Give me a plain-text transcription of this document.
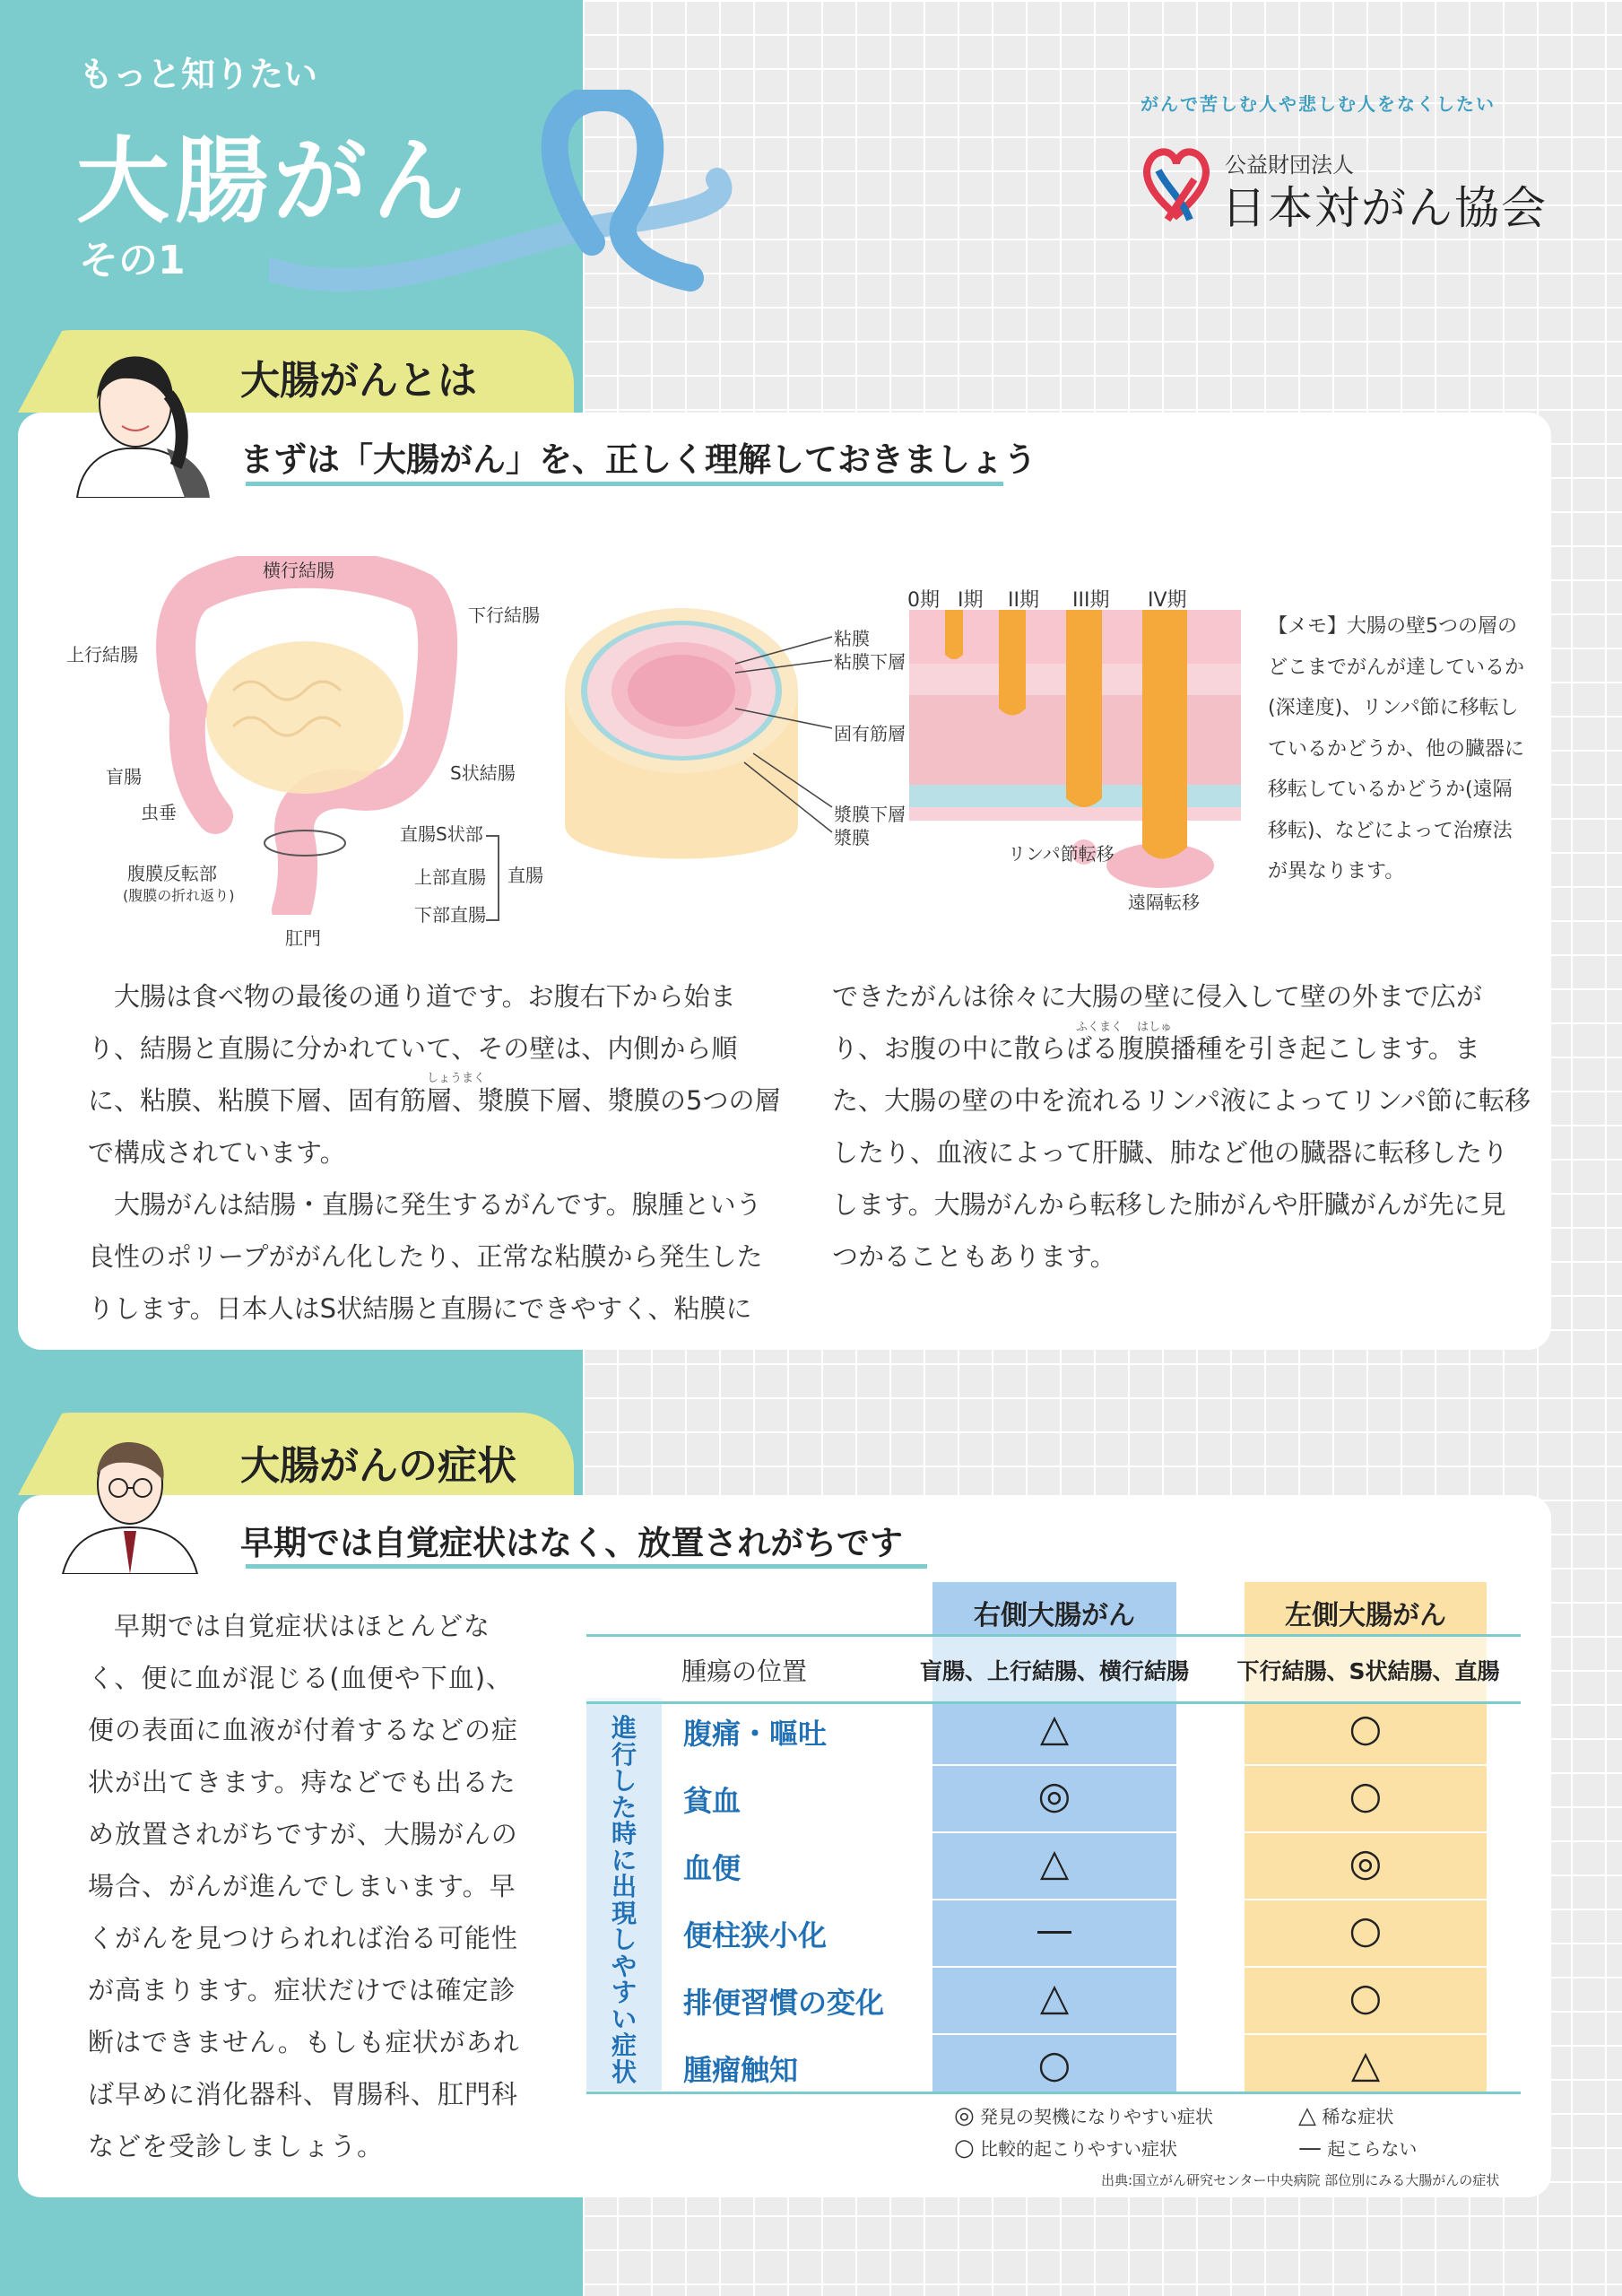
もっと知りたい
大腸がん
その1
がんで苦しむ人や悲しむ人をなくしたい
公益財団法人
日本対がん協会
大腸がんとは
まずは「大腸がん」を、正しく理解しておきましょう
横行結腸
下行結腸
上行結腸
盲腸
虫垂
S状結腸
直腸S状部
腹膜反転部
(腹膜の折れ返り)
上部直腸 直腸
下部直腸
肛門
粘膜
粘膜下層
固有筋層
漿膜下層
漿膜
0期 I期 II期 III期 IV期
リンパ節転移
遠隔転移
【メモ】大腸の壁5つの層のどこまでがんが達しているか(深達度)、リンパ節に移転しているかどうか、他の臓器に移転しているかどうか(遠隔移転)、などによって治療法が異なります。

大腸は食べ物の最後の通り道です。お腹右下から始まり、結腸と直腸に分かれていて、その壁は、内側から順に、粘膜、粘膜下層、固有筋層、漿膜下層、漿膜の5つの層で構成されています。

大腸がんは結腸・直腸に発生するがんです。腺腫という良性のポリープががん化したり、正常な粘膜から発生したりします。日本人はS状結腸と直腸にできやすく、粘膜に

しょうまく

できたがんは徐々に大腸の壁に侵入して壁の外まで広がり、お腹の中に散らばる腹膜播種を引き起こします。また、大腸の壁の中を流れるリンパ液によってリンパ節に転移したり、血液によって肝臓、肺など他の臓器に転移したりします。大腸がんから転移した肺がんや肝臓がんが先に見つかることもあります。

ふくまく はしゅ
大腸がんの症状
早期では自覚症状はなく、放置されがちです

早期では自覚症状はほとんどなく、便に血が混じる(血便や下血)、便の表面に血液が付着するなどの症状が出てきます。痔などでも出るため放置されがちですが、大腸がんの場合、がんが進んでしまいます。早くがんを見つけられれば治る可能性が高まります。症状だけでは確定診断はできません。もしも症状があれば早めに消化器科、胃腸科、肛門科などを受診しましょう。

右側大腸がん	左側大腸がん
腫瘍の位置	盲腸、上行結腸、横行結腸	下行結腸、S状結腸、直腸
進行した時に出現しやすい症状
腹痛・嘔吐	△	○
貧血	◎	○
血便	△	◎
便柱狭小化	—	○
排便習慣の変化	△	○
腫瘤触知	○	△
◎ 発見の契機になりやすい症状
○ 比較的起こりやすい症状
△ 稀な症状
— 起こらない
出典:国立がん研究センター中央病院 部位別にみる大腸がんの症状
